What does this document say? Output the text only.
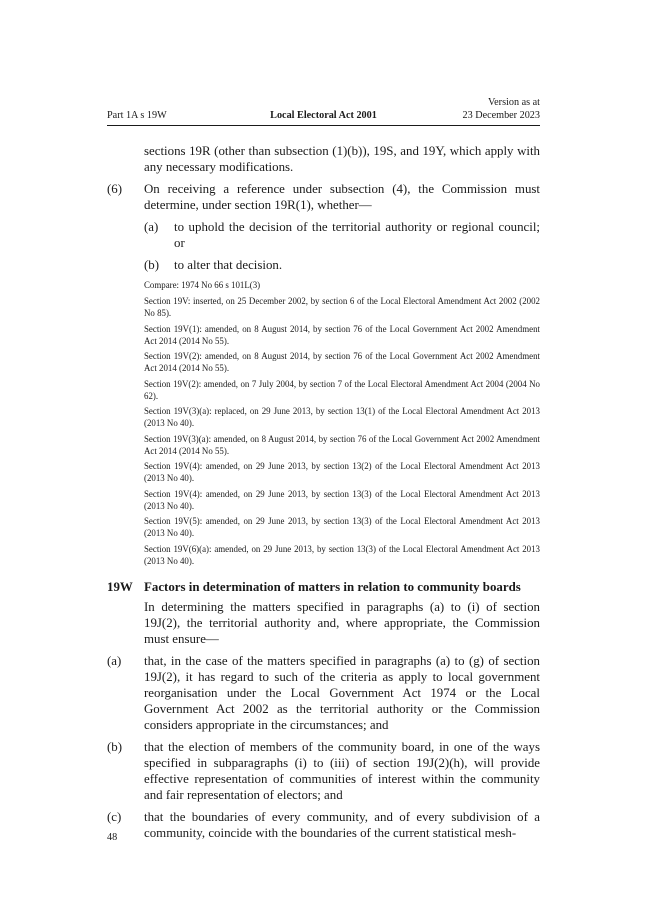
Version as at
23 December 2023
Part 1A s 19W	Local Electoral Act 2001
sections 19R (other than subsection (1)(b)), 19S, and 19Y, which apply with any necessary modifications.
(6) On receiving a reference under subsection (4), the Commission must determine, under section 19R(1), whether—
(a) to uphold the decision of the territorial authority or regional council; or
(b) to alter that decision.
Compare: 1974 No 66 s 101L(3)
Section 19V: inserted, on 25 December 2002, by section 6 of the Local Electoral Amendment Act 2002 (2002 No 85).
Section 19V(1): amended, on 8 August 2014, by section 76 of the Local Government Act 2002 Amendment Act 2014 (2014 No 55).
Section 19V(2): amended, on 8 August 2014, by section 76 of the Local Government Act 2002 Amendment Act 2014 (2014 No 55).
Section 19V(2): amended, on 7 July 2004, by section 7 of the Local Electoral Amendment Act 2004 (2004 No 62).
Section 19V(3)(a): replaced, on 29 June 2013, by section 13(1) of the Local Electoral Amendment Act 2013 (2013 No 40).
Section 19V(3)(a): amended, on 8 August 2014, by section 76 of the Local Government Act 2002 Amendment Act 2014 (2014 No 55).
Section 19V(4): amended, on 29 June 2013, by section 13(2) of the Local Electoral Amendment Act 2013 (2013 No 40).
Section 19V(4): amended, on 29 June 2013, by section 13(3) of the Local Electoral Amendment Act 2013 (2013 No 40).
Section 19V(5): amended, on 29 June 2013, by section 13(3) of the Local Electoral Amendment Act 2013 (2013 No 40).
Section 19V(6)(a): amended, on 29 June 2013, by section 13(3) of the Local Electoral Amendment Act 2013 (2013 No 40).
19W Factors in determination of matters in relation to community boards
In determining the matters specified in paragraphs (a) to (i) of section 19J(2), the territorial authority and, where appropriate, the Commission must ensure—
(a) that, in the case of the matters specified in paragraphs (a) to (g) of section 19J(2), it has regard to such of the criteria as apply to local government reorganisation under the Local Government Act 1974 or the Local Government Act 2002 as the territorial authority or the Commission considers appropriate in the circumstances; and
(b) that the election of members of the community board, in one of the ways specified in subparagraphs (i) to (iii) of section 19J(2)(h), will provide effective representation of communities of interest within the community and fair representation of electors; and
(c) that the boundaries of every community, and of every subdivision of a community, coincide with the boundaries of the current statistical mesh-
48
